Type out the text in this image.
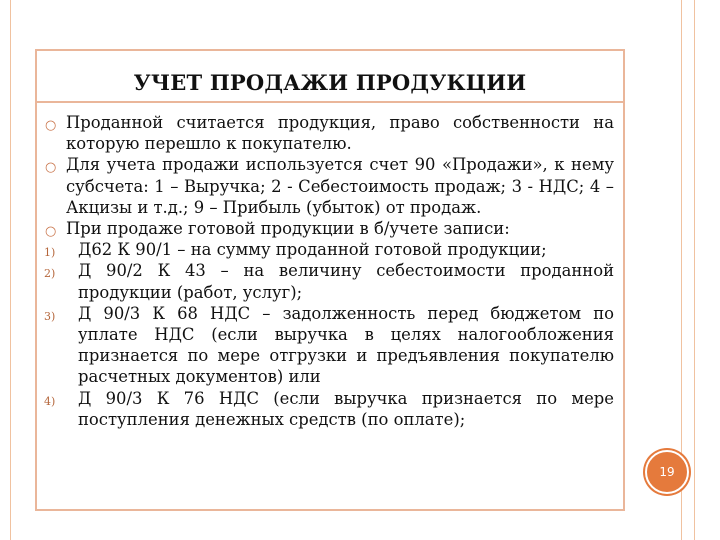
УЧЕТ ПРОДАЖИ ПРОДУКЦИИ

○ Проданной считается продукция, право собственности на которую перешло к покупателю.

○ Для учета продажи используется счет 90 «Продажи», к нему субсчета: 1 – Выручка; 2 - Себестоимость продаж; 3 - НДС; 4 – Акцизы и т.д.; 9 – Прибыль (убыток) от продаж.

○ При продаже готовой продукции в б/учете записи:

1) Д62 К 90/1 – на сумму проданной готовой продукции;

2) Д 90/2 К 43 – на величину себестоимости проданной продукции (работ, услуг);

3) Д 90/3 К 68 НДС – задолженность перед бюджетом по уплате НДС (если выручка в целях налогообложения признается по мере отгрузки и предъявления покупателю расчетных документов) или

4) Д 90/3 К 76 НДС (если выручка признается по мере поступления денежных средств (по оплате);

19
